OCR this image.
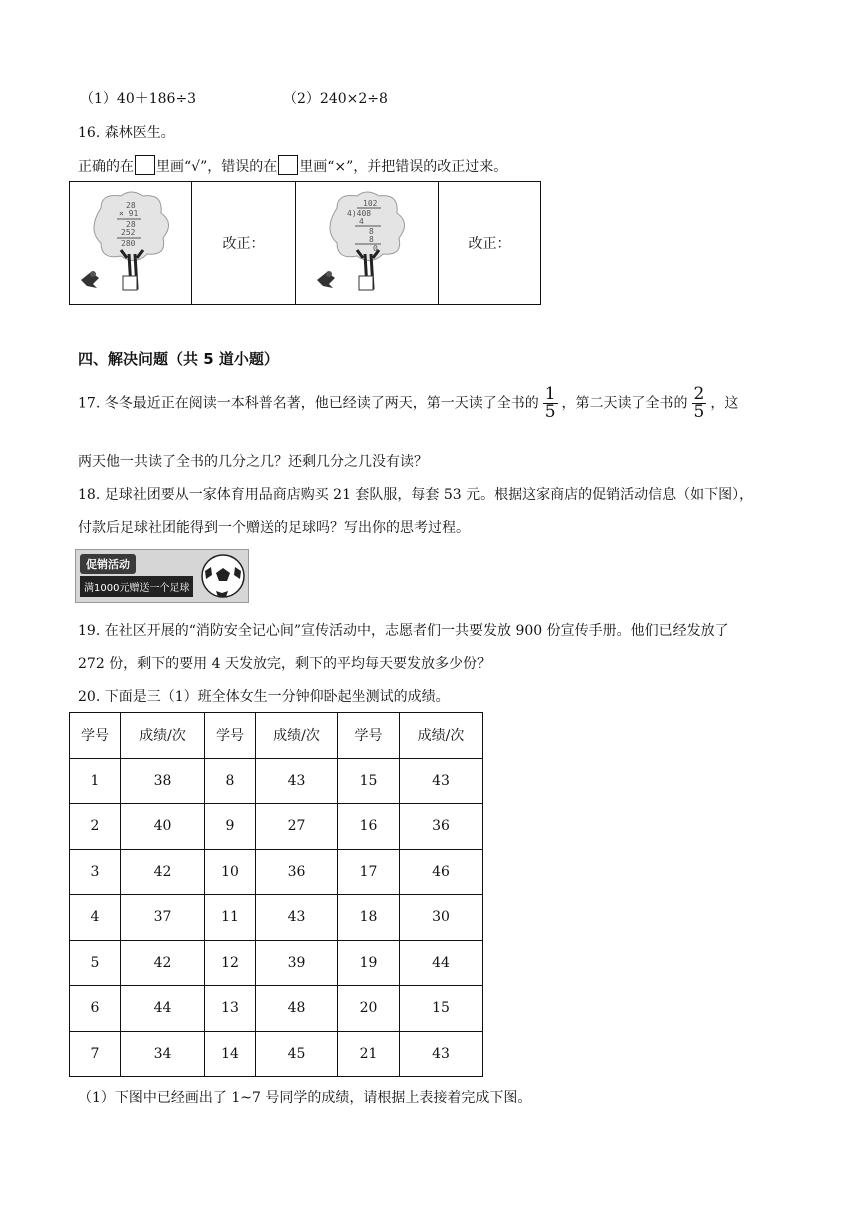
（1）40＋186÷3	（2）240×2÷8
16. 森林医生。
正确的在 里画“√”，错误的在 里画“×”，并把错误的改正过来。
28
× 91
28
252
280	改正：	
102
4)408
4
8
8
0	改正：
四、解决问题（共 5 道小题）
17. 冬冬最近正在阅读一本科普名著，他已经读了两天，第一天读了全书的 $\frac{1}{5}$ ，第二天读了全书的 $\frac{2}{5}$ ，这
两天他一共读了全书的几分之几？还剩几分之几没有读？
18. 足球社团要从一家体育用品商店购买 21 套队服，每套 53 元。根据这家商店的促销活动信息（如下图），
付款后足球社团能得到一个赠送的足球吗？写出你的思考过程。
促销活动
满1000元赠送一个足球
19. 在社区开展的“消防安全记心间”宣传活动中，志愿者们一共要发放 900 份宣传手册。他们已经发放了
272 份，剩下的要用 4 天发放完，剩下的平均每天要发放多少份？
20. 下面是三（1）班全体女生一分钟仰卧起坐测试的成绩。
学号	成绩/次	学号	成绩/次	学号	成绩/次
1	38	8	43	15	43
2	40	9	27	16	36
3	42	10	36	17	46
4	37	11	43	18	30
5	42	12	39	19	44
6	44	13	48	20	15
7	34	14	45	21	43
（1）下图中已经画出了 1~7 号同学的成绩，请根据上表接着完成下图。
